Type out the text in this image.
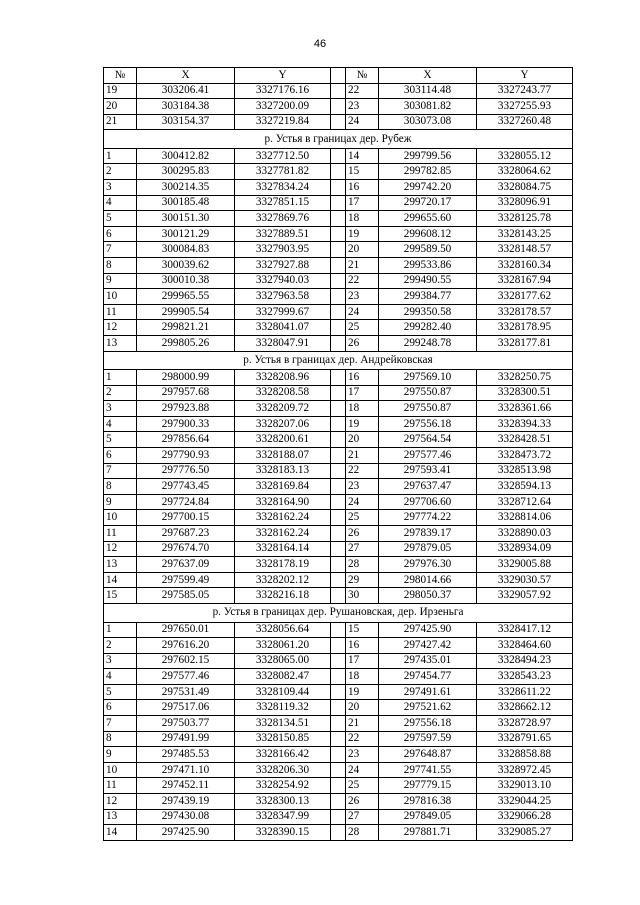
46
№	X	Y		№	X	Y
19	303206.41	3327176.16		22	303114.48	3327243.77
20	303184.38	3327200.09		23	303081.82	3327255.93
21	303154.37	3327219.84		24	303073.08	3327260.48
р. Устья в границах дер. Рубеж						
1	300412.82	3327712.50		14	299799.56	3328055.12
2	300295.83	3327781.82		15	299782.85	3328064.62
3	300214.35	3327834.24		16	299742.20	3328084.75
4	300185.48	3327851.15		17	299720.17	3328096.91
5	300151.30	3327869.76		18	299655.60	3328125.78
6	300121.29	3327889.51		19	299608.12	3328143.25
7	300084.83	3327903.95		20	299589.50	3328148.57
8	300039.62	3327927.88		21	299533.86	3328160.34
9	300010.38	3327940.03		22	299490.55	3328167.94
10	299965.55	3327963.58		23	299384.77	3328177.62
11	299905.54	3327999.67		24	299350.58	3328178.57
12	299821.21	3328041.07		25	299282.40	3328178.95
13	299805.26	3328047.91		26	299248.78	3328177.81
р. Устья в границах дер. Андрейковская						
1	298000.99	3328208.96		16	297569.10	3328250.75
2	297957.68	3328208.58		17	297550.87	3328300.51
3	297923.88	3328209.72		18	297550.87	3328361.66
4	297900.33	3328207.06		19	297556.18	3328394.33
5	297856.64	3328200.61		20	297564.54	3328428.51
6	297790.93	3328188.07		21	297577.46	3328473.72
7	297776.50	3328183.13		22	297593.41	3328513.98
8	297743.45	3328169.84		23	297637.47	3328594.13
9	297724.84	3328164.90		24	297706.60	3328712.64
10	297700.15	3328162.24		25	297774.22	3328814.06
11	297687.23	3328162.24		26	297839.17	3328890.03
12	297674.70	3328164.14		27	297879.05	3328934.09
13	297637.09	3328178.19		28	297976.30	3329005.88
14	297599.49	3328202.12		29	298014.66	3329030.57
15	297585.05	3328216.18		30	298050.37	3329057.92
р. Устья в границах дер. Рушановская, дер. Ирзеньга						
1	297650.01	3328056.64		15	297425.90	3328417.12
2	297616.20	3328061.20		16	297427.42	3328464.60
3	297602.15	3328065.00		17	297435.01	3328494.23
4	297577.46	3328082.47		18	297454.77	3328543.23
5	297531.49	3328109.44		19	297491.61	3328611.22
6	297517.06	3328119.32		20	297521.62	3328662.12
7	297503.77	3328134.51		21	297556.18	3328728.97
8	297491.99	3328150.85		22	297597.59	3328791.65
9	297485.53	3328166.42		23	297648.87	3328858.88
10	297471.10	3328206.30		24	297741.55	3328972.45
11	297452.11	3328254.92		25	297779.15	3329013.10
12	297439.19	3328300.13		26	297816.38	3329044.25
13	297430.08	3328347.99		27	297849.05	3329066.28
14	297425.90	3328390.15		28	297881.71	3329085.27
